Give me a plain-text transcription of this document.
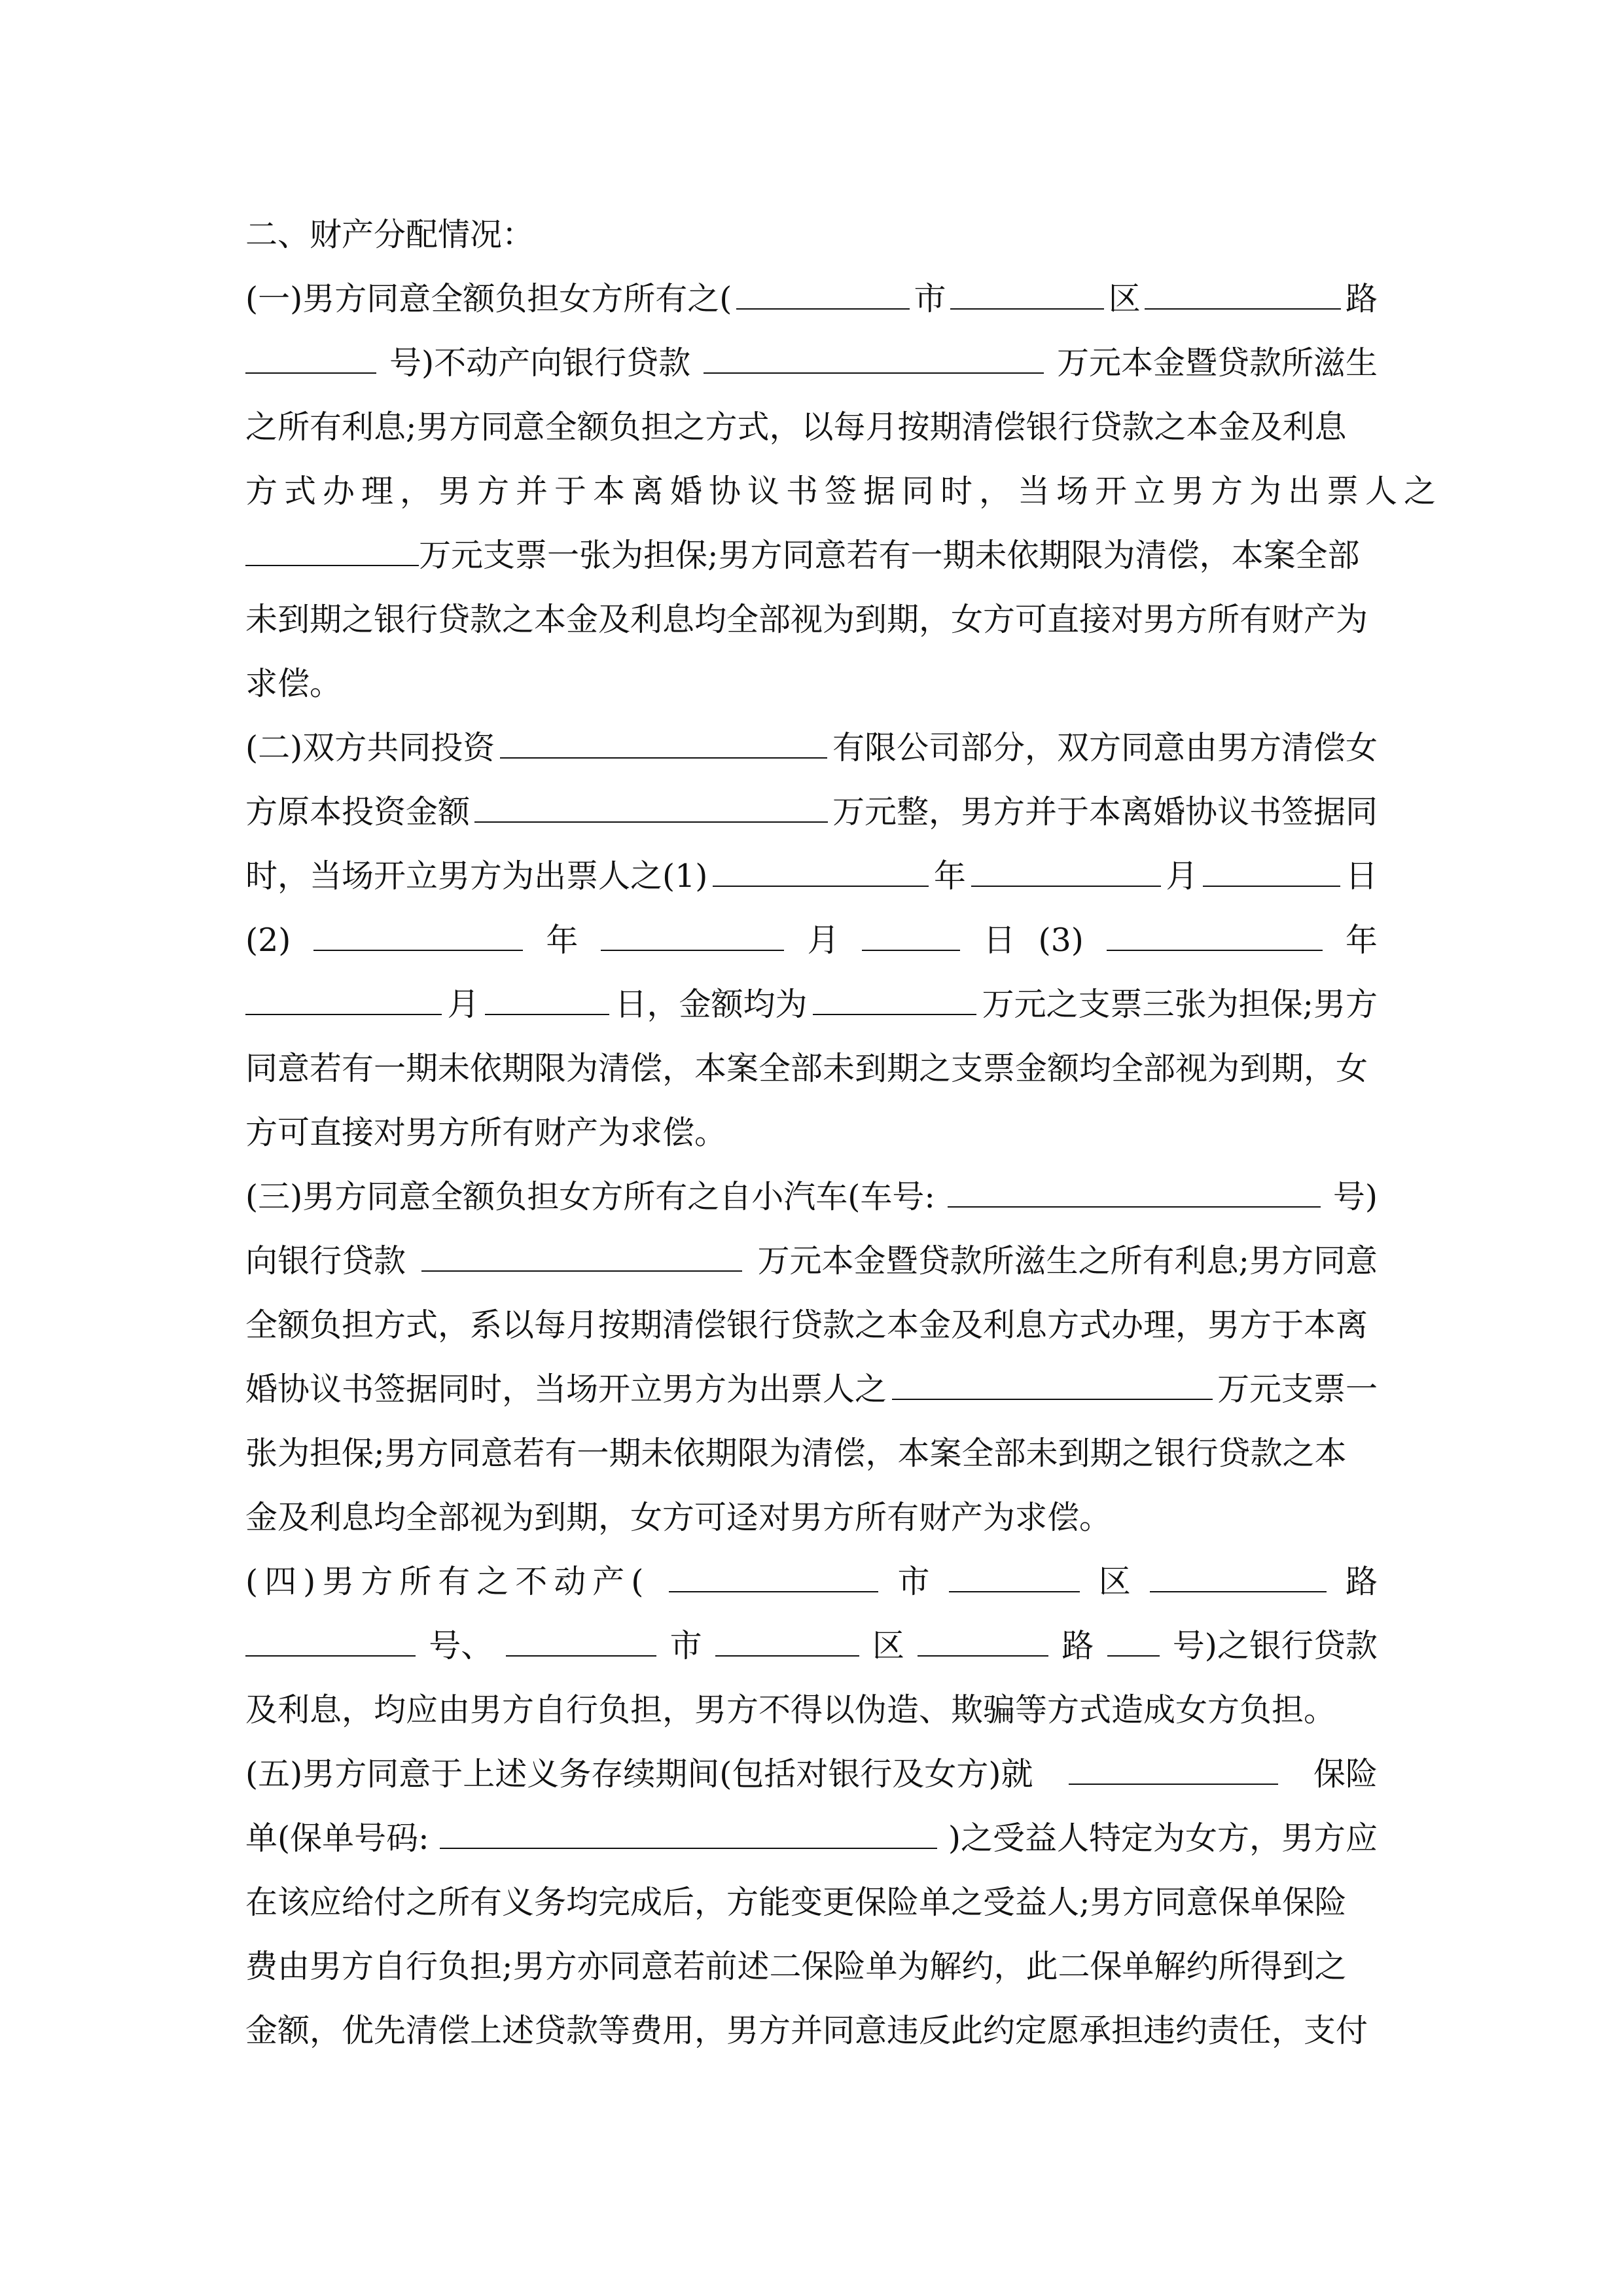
二、财产分配情况：
(一)男方同意全额负担女方所有之(	市	区	路
号)不动产向银行贷款	万元本金暨贷款所滋生
之所有利息;男方同意全额负担之方式，以每月按期清偿银行贷款之本金及利息
方式办理，男方并于本离婚协议书签据同时，当场开立男方为出票人之
万元支票一张为担保;男方同意若有一期未依期限为清偿，本案全部
未到期之银行贷款之本金及利息均全部视为到期，女方可直接对男方所有财产为
求偿。
(二)双方共同投资	有限公司部分，双方同意由男方清偿女
方原本投资金额	万元整，男方并于本离婚协议书签据同
时，当场开立男方为出票人之(1)	年	月	日
(2)	年	月	日 (3)	年
月	日，金额均为	万元之支票三张为担保;男方
同意若有一期未依期限为清偿，本案全部未到期之支票金额均全部视为到期，女
方可直接对男方所有财产为求偿。
(三)男方同意全额负担女方所有之自小汽车(车号:	号)
向银行贷款	万元本金暨贷款所滋生之所有利息;男方同意
全额负担方式，系以每月按期清偿银行贷款之本金及利息方式办理，男方于本离
婚协议书签据同时，当场开立男方为出票人之	万元支票一
张为担保;男方同意若有一期未依期限为清偿，本案全部未到期之银行贷款之本
金及利息均全部视为到期，女方可迳对男方所有财产为求偿。
(四)男方所有之不动产(	市	区	路
号、	市	区	路 号)之银行贷款
及利息，均应由男方自行负担，男方不得以伪造、欺骗等方式造成女方负担。
(五)男方同意于上述义务存续期间(包括对银行及女方)就	保险
单(保单号码:	)之受益人特定为女方，男方应
在该应给付之所有义务均完成后，方能变更保险单之受益人;男方同意保单保险
费由男方自行负担;男方亦同意若前述二保险单为解约，此二保单解约所得到之
金额，优先清偿上述贷款等费用，男方并同意违反此约定愿承担违约责任，支付
